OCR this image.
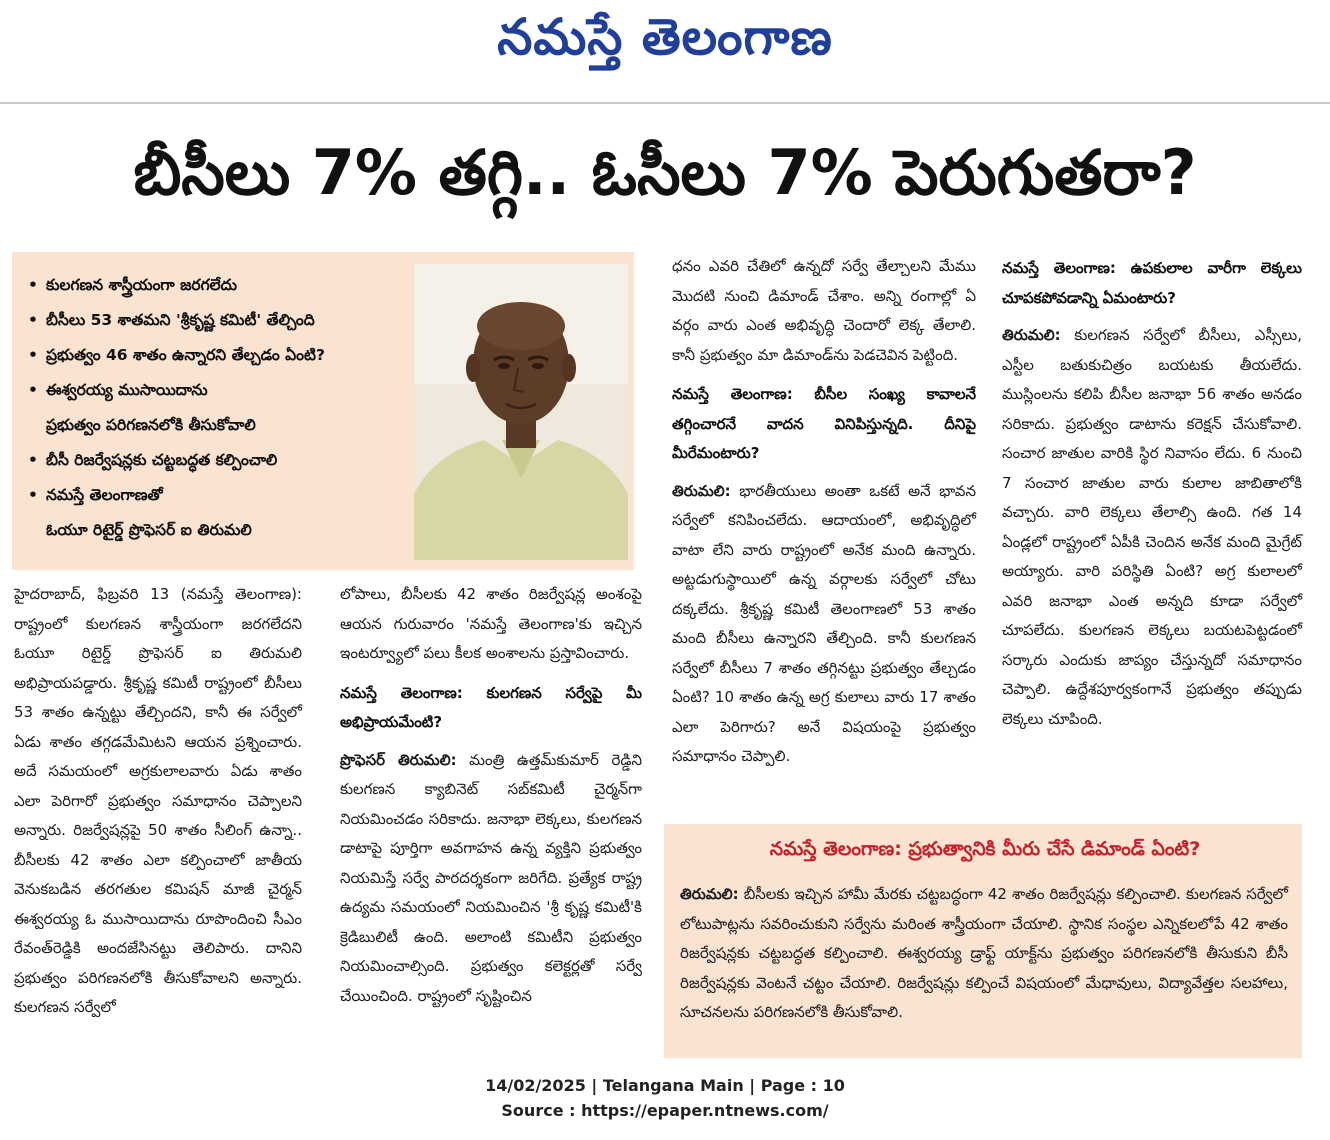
నమస్తే తెలంగాణ
బీసీలు 7% తగ్గి.. ఓసీలు 7% పెరుగుతరా?
• కులగణన శాస్త్రీయంగా జరగలేదు
• బీసీలు 53 శాతమని 'శ్రీకృష్ణ కమిటీ' తేల్చింది
• ప్రభుత్వం 46 శాతం ఉన్నారని తేల్చడం ఏంటి?
• ఈశ్వరయ్య ముసాయిదాను
ప్రభుత్వం పరిగణనలోకి తీసుకోవాలి
• బీసీ రిజర్వేషన్లకు చట్టబద్ధత కల్పించాలి
• నమస్తే తెలంగాణతో
ఓయూ రిటైర్డ్ ప్రొఫెసర్ ఐ తిరుమలి

హైదరాబాద్, ఫిబ్రవరి 13 (నమస్తే తెలంగాణ): రాష్ట్రంలో కులగణన శాస్త్రీయంగా జరగలేదని ఓయూ రిటైర్డ్ ప్రొఫెసర్ ఐ తిరుమలి అభిప్రాయపడ్డారు. శ్రీకృష్ణ కమిటీ రాష్ట్రంలో బీసీలు 53 శాతం ఉన్నట్టు తేల్చిందని, కానీ ఈ సర్వేలో ఏడు శాతం తగ్గడమేమిటని ఆయన ప్రశ్నించారు. అదే సమయంలో అగ్రకులాలవారు ఏడు శాతం ఎలా పెరిగారో ప్రభుత్వం సమాధానం చెప్పాలని అన్నారు. రిజర్వేషన్లపై 50 శాతం సీలింగ్ ఉన్నా.. బీసీలకు 42 శాతం ఎలా కల్పించాలో జాతీయ వెనుకబడిన తరగతుల కమిషన్ మాజీ చైర్మన్ ఈశ్వరయ్య ఓ ముసాయిదాను రూపొందించి సీఎం రేవంత్‌రెడ్డికి అందజేసినట్టు తెలిపారు. దానిని ప్రభుత్వం పరిగణనలోకి తీసుకోవాలని అన్నారు. కులగణన సర్వేలో

లోపాలు, బీసీలకు 42 శాతం రిజర్వేషన్ల అంశంపై ఆయన గురువారం 'నమస్తే తెలంగాణ'కు ఇచ్చిన ఇంటర్వ్యూలో పలు కీలక అంశాలను ప్రస్తావించారు.

నమస్తే తెలంగాణ: కులగణన సర్వేపై మీ అభిప్రాయమేంటి?

ప్రొఫెసర్ తిరుమలి: మంత్రి ఉత్తమ్‌కుమార్ రెడ్డిని కులగణన క్యాబినెట్ సబ్‌కమిటీ చైర్మన్‌గా నియమించడం సరికాదు. జనాభా లెక్కలు, కులగణన డాటాపై పూర్తిగా అవగాహన ఉన్న వ్యక్తిని ప్రభుత్వం నియమిస్తే సర్వే పారదర్శకంగా జరిగేది. ప్రత్యేక రాష్ట్ర ఉద్యమ సమయంలో నియమించిన 'శ్రీ కృష్ణ కమిటీ'కి క్రెడిబులిటీ ఉంది. అలాంటి కమిటీని ప్రభుత్వం నియమించాల్సింది. ప్రభుత్వం కలెక్టర్లతో సర్వే చేయించింది. రాష్ట్రంలో సృష్టించిన

ధనం ఎవరి చేతిలో ఉన్నదో సర్వే తేల్చాలని మేము మొదటి నుంచి డిమాండ్ చేశాం. అన్ని రంగాల్లో ఏ వర్గం వారు ఎంత అభివృద్ధి చెందారో లెక్క తేలాలి. కానీ ప్రభుత్వం మా డిమాండ్‌ను పెడచెవిన పెట్టింది.

నమస్తే తెలంగాణ: బీసీల సంఖ్య కావాలనే తగ్గించారనే వాదన వినిపిస్తున్నది. దీనిపై మీరేమంటారు?

తిరుమలి: భారతీయులు అంతా ఒకటే అనే భావన సర్వేలో కనిపించలేదు. ఆదాయంలో, అభివృద్ధిలో వాటా లేని వారు రాష్ట్రంలో అనేక మంది ఉన్నారు. అట్టడుగుస్థాయిలో ఉన్న వర్గాలకు సర్వేలో చోటు దక్కలేదు. శ్రీకృష్ణ కమిటీ తెలంగాణలో 53 శాతం మంది బీసీలు ఉన్నారని తేల్చింది. కానీ కులగణన సర్వేలో బీసీలు 7 శాతం తగ్గినట్టు ప్రభుత్వం తేల్చడం ఏంటి? 10 శాతం ఉన్న అగ్ర కులాలు వారు 17 శాతం ఎలా పెరిగారు? అనే విషయంపై ప్రభుత్వం సమాధానం చెప్పాలి.

నమస్తే తెలంగాణ: ఉపకులాల వారీగా లెక్కలు చూపకపోవడాన్ని ఏమంటారు?

తిరుమలి: కులగణన సర్వేలో బీసీలు, ఎస్సీలు, ఎస్టీల బతుకుచిత్రం బయటకు తీయలేదు. ముస్లింలను కలిపి బీసీల జనాభా 56 శాతం అనడం సరికాదు. ప్రభుత్వం డాటాను కరెక్షన్ చేసుకోవాలి. సంచార జాతుల వారికి స్థిర నివాసం లేదు. 6 నుంచి 7 సంచార జాతుల వారు కులాల జాబితాలోకి వచ్చారు. వారి లెక్కలు తేలాల్సి ఉంది. గత 14 ఏండ్లలో రాష్ట్రంలో ఏపీకి చెందిన అనేక మంది మైగ్రేట్ అయ్యారు. వారి పరిస్థితి ఏంటి? అగ్ర కులాలలో ఎవరి జనాభా ఎంత అన్నది కూడా సర్వేలో చూపలేదు. కులగణన లెక్కలు బయటపెట్టడంలో సర్కారు ఎందుకు జాప్యం చేస్తున్నదో సమాధానం చెప్పాలి. ఉద్దేశపూర్వకంగానే ప్రభుత్వం తప్పుడు లెక్కలు చూపింది.

నమస్తే తెలంగాణ: ప్రభుత్వానికి మీరు చేసే డిమాండ్ ఏంటి?
తిరుమలి: బీసీలకు ఇచ్చిన హామీ మేరకు చట్టబద్ధంగా 42 శాతం రిజర్వేషన్లు కల్పించాలి. కులగణన సర్వేలో లోటుపాట్లను సవరించుకుని సర్వేను మరింత శాస్త్రీయంగా చేయాలి. స్థానిక సంస్థల ఎన్నికలలోపే 42 శాతం రిజర్వేషన్లకు చట్టబద్ధత కల్పించాలి. ఈశ్వరయ్య డ్రాఫ్ట్ యాక్ట్‌ను ప్రభుత్వం పరిగణనలోకి తీసుకుని బీసీ రిజర్వేషన్లకు వెంటనే చట్టం చేయాలి. రిజర్వేషన్లు కల్పించే విషయంలో మేధావులు, విద్యావేత్తల సలహాలు, సూచనలను పరిగణనలోకి తీసుకోవాలి.
14/02/2025 | Telangana Main | Page : 10
Source : https://epaper.ntnews.com/
